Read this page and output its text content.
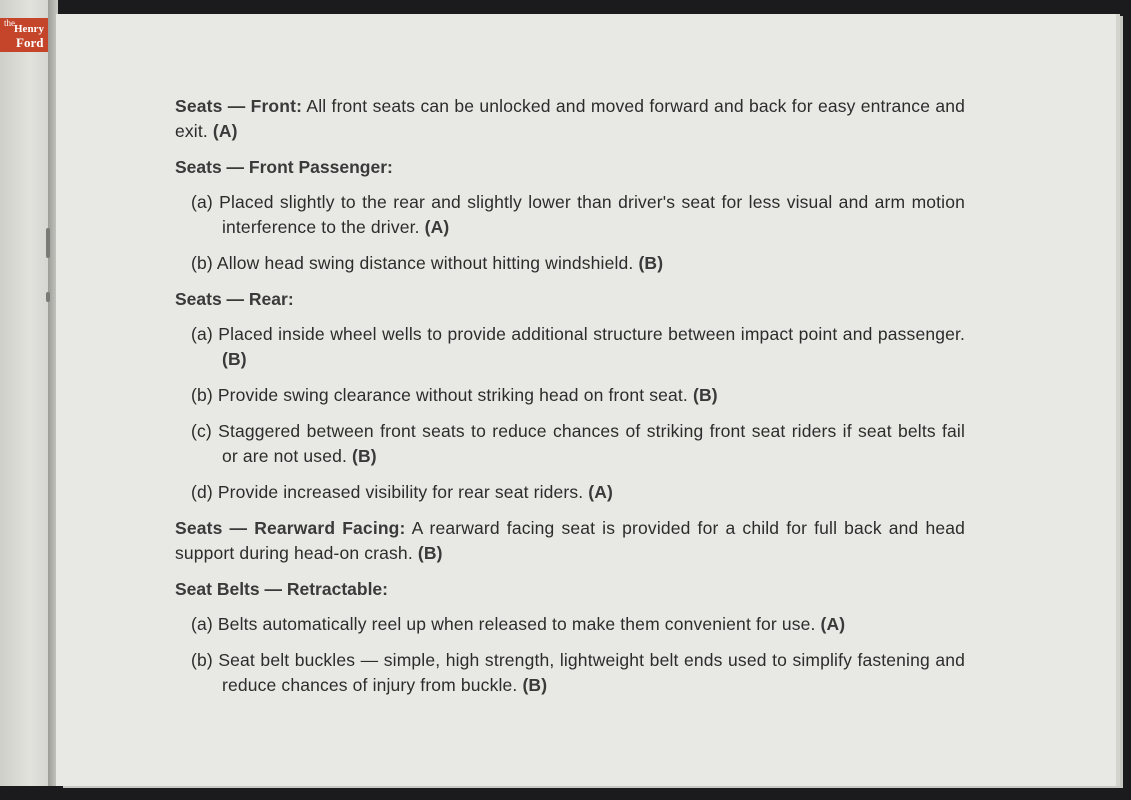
the Henry
Ford

Seats — Front: All front seats can be unlocked and moved forward and back for easy entrance and exit. (A)

Seats — Front Passenger:

(a) Placed slightly to the rear and slightly lower than driver's seat for less visual and arm motion interference to the driver. (A)

(b) Allow head swing distance without hitting windshield. (B)

Seats — Rear:

(a) Placed inside wheel wells to provide additional structure between impact point and passenger. (B)

(b) Provide swing clearance without striking head on front seat. (B)

(c) Staggered between front seats to reduce chances of striking front seat riders if seat belts fail or are not used. (B)

(d) Provide increased visibility for rear seat riders. (A)

Seats — Rearward Facing: A rearward facing seat is provided for a child for full back and head support during head-on crash. (B)

Seat Belts — Retractable:

(a) Belts automatically reel up when released to make them convenient for use. (A)

(b) Seat belt buckles — simple, high strength, lightweight belt ends used to simplify fastening and reduce chances of injury from buckle. (B)
